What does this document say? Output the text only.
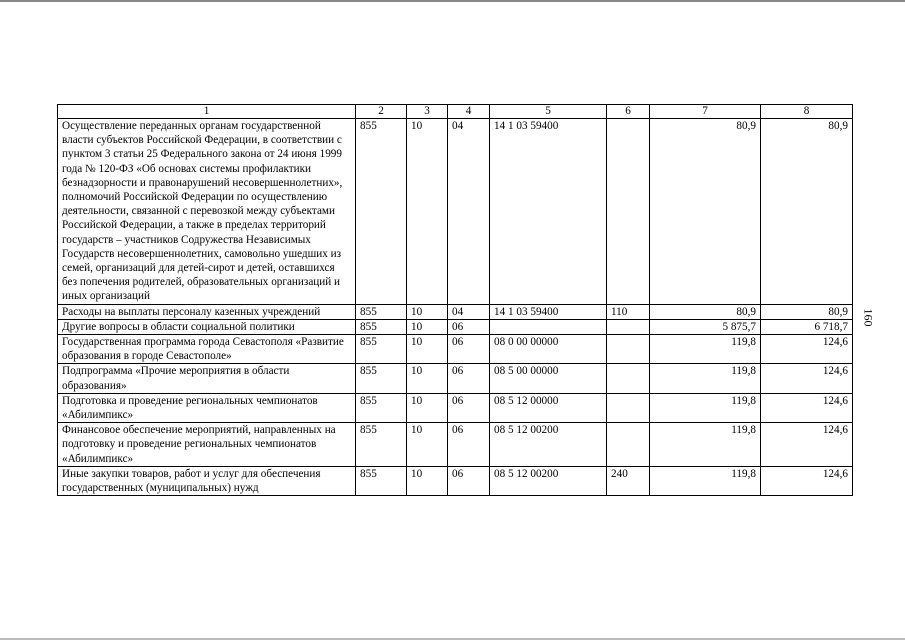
160
1	2	3	4	5	6	7	8
Осуществление переданных органам государственной власти субъектов Российской Федерации, в соответствии с пунктом 3 статьи 25 Федерального закона от 24 июня 1999 года № 120-ФЗ «Об основах системы профилактики безнадзорности и правонарушений несовершеннолетних», полномочий Российской Федерации по осуществлению деятельности, связанной с перевозкой между субъектами Российской Федерации, а также в пределах территорий государств – участников Содружества Независимых Государств несовершеннолетних, самовольно ушедших из семей, организаций для детей-сирот и детей, оставшихся без попечения родителей, образовательных организаций и иных организаций	855	10	04	14 1 03 59400		80,9	80,9
Расходы на выплаты персоналу казенных учреждений	855	10	04	14 1 03 59400	110	80,9	80,9
Другие вопросы в области социальной политики	855	10	06			5 875,7	6 718,7
Государственная программа города Севастополя «Развитие образования в городе Севастополе»	855	10	06	08 0 00 00000		119,8	124,6
Подпрограмма «Прочие мероприятия в области образования»	855	10	06	08 5 00 00000		119,8	124,6
Подготовка и проведение региональных чемпионатов «Абилимпикс»	855	10	06	08 5 12 00000		119,8	124,6
Финансовое обеспечение мероприятий, направленных на подготовку и проведение региональных чемпионатов «Абилимпикс»	855	10	06	08 5 12 00200		119,8	124,6
Иные закупки товаров, работ и услуг для обеспечения государственных (муниципальных) нужд	855	10	06	08 5 12 00200	240	119,8	124,6
